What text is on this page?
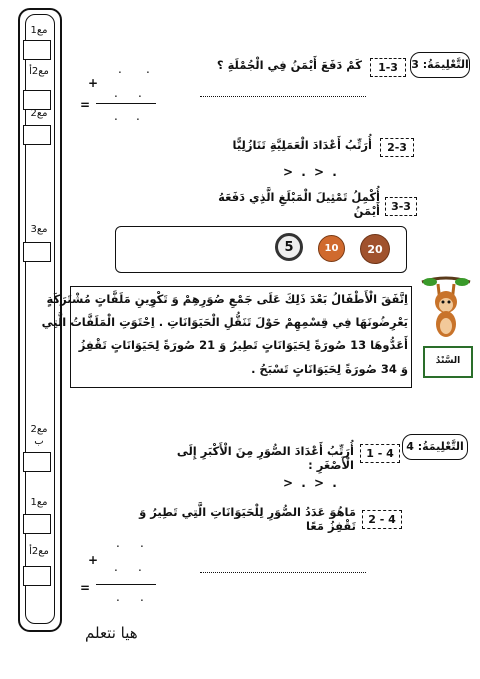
مع1
مع2أ
مع2
مع3
مع2
ب
مع1
مع2أ
التَّعْلِيمَةُ: 3
1-3
كَمْ دَفَعَ أَيْمَنُ فِي الْجُمْلَةِ ؟
. .
+
. .
=
. .
2-3
أُرَتِّبُ أَعْدَادَ الْعَمَلِيَّةِ تَنَازُلِيًّا
> . > .
3-3
أُكْمِلُ تَمْثِيلَ الْمَبْلَغِ الَّذِي دَفَعَهُ أَيْمَنُ
20
10
5
اِتَّفَقَ الْأَطْفَالُ بَعْدَ ذَلِكَ عَلَى جَمْعِ صُوَرِهِمْ وَ تَكْوِينِ مَلَفَّاتٍ مُشْتَرَكَةٍ
يَعْرِضُونَهَا فِي قِسْمِهِمْ حَوْلَ تَنَقُّلِ الْحَيَوَانَاتِ . اِحْتَوَتِ الْمَلَفَّاتُ الَّتِي
أَعَدُّوهَا 13 صُورَةً لِحَيَوَانَاتٍ تَطِيرُ وَ 21 صُورَةً لِحَيَوَانَاتٍ تَقْفِزُ
وَ 34 صُورَةً لِحَيَوَانَاتٍ تَسْبَحُ .
السَّنْدُ
التَّعْلِيمَةُ: 4
1 - 4
أُرَتِّبُ أَعْدَادَ الصُّوَرِ مِنَ الْأَكْبَرِ إِلَى الْأَصْغَرِ :
> . > .
2 - 4
مَاهُوَ عَدَدُ الصُّوَرِ لِلْحَيَوَانَاتِ الَّتِي تَطِيرُ وَ تَقْفِزُ مَعًا
. .
+ . .
=
. .
هيا نتعلم
